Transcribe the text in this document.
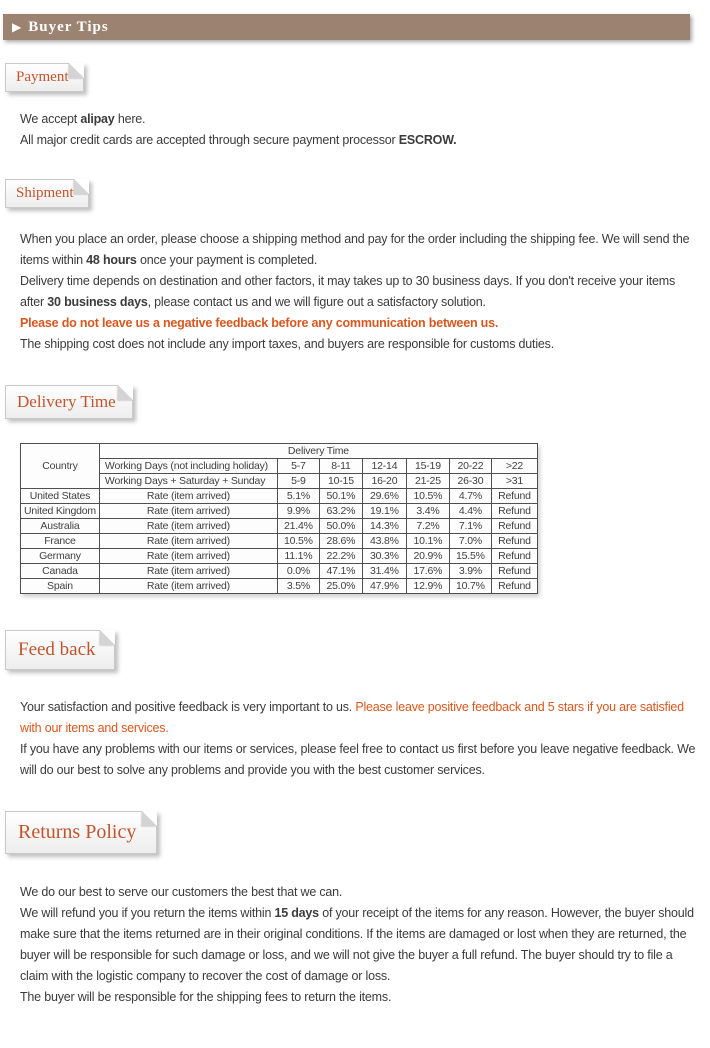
▶ Buyer Tips
Payment

We accept alipay here.

All major credit cards are accepted through secure payment processor ESCROW.

Shipment

When you place an order, please choose a shipping method and pay for the order including the shipping fee. We will send the items within 48 hours once your payment is completed.

Delivery time depends on destination and other factors, it may takes up to 30 business days. If you don't receive your items after 30 business days, please contact us and we will figure out a satisfactory solution.

Please do not leave us a negative feedback before any communication between us.

The shipping cost does not include any import taxes, and buyers are responsible for customs duties.

Delivery Time
Country	Delivery Time						
	Working Days (not including holiday)	5-7	8-11	12-14	15-19	20-22	>22
	Working Days + Saturday + Sunday	5-9	10-15	16-20	21-25	26-30	>31
United States	Rate (item arrived)	5.1%	50.1%	29.6%	10.5%	4.7%	Refund
United Kingdom	Rate (item arrived)	9.9%	63.2%	19.1%	3.4%	4.4%	Refund
Australia	Rate (item arrived)	21.4%	50.0%	14.3%	7.2%	7.1%	Refund
France	Rate (item arrived)	10.5%	28.6%	43.8%	10.1%	7.0%	Refund
Germany	Rate (item arrived)	11.1%	22.2%	30.3%	20.9%	15.5%	Refund
Canada	Rate (item arrived)	0.0%	47.1%	31.4%	17.6%	3.9%	Refund
Spain	Rate (item arrived)	3.5%	25.0%	47.9%	12.9%	10.7%	Refund
Feed back

Your satisfaction and positive feedback is very important to us. Please leave positive feedback and 5 stars if you are satisfied with our items and services.

If you have any problems with our items or services, please feel free to contact us first before you leave negative feedback. We will do our best to solve any problems and provide you with the best customer services.

Returns Policy

We do our best to serve our customers the best that we can.

We will refund you if you return the items within 15 days of your receipt of the items for any reason. However, the buyer should make sure that the items returned are in their original conditions. If the items are damaged or lost when they are returned, the buyer will be responsible for such damage or loss, and we will not give the buyer a full refund. The buyer should try to file a claim with the logistic company to recover the cost of damage or loss.

The buyer will be responsible for the shipping fees to return the items.
